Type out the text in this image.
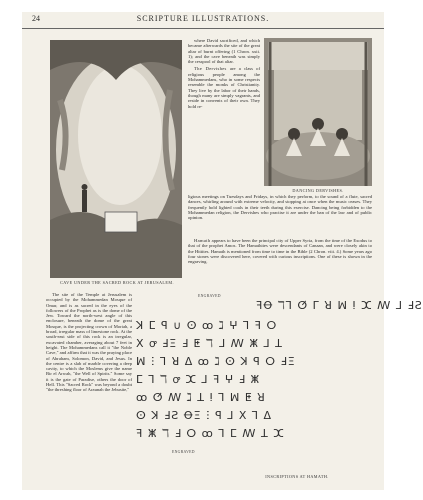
24	SCRIPTURE ILLUSTRATIONS.
CAVE UNDER THE SACRED ROCK AT JERUSALEM.

where David sacrificed, and which became afterwards the site of the great altar of burnt offering (1 Chron. xxii. 1); and the cave beneath was simply the cesspool of that altar.

The Dervishes are a class of religious people among the Mohammedans, who in some respects resemble the monks of Christianity. They live by the labor of their hands, though many are simply vagrants, and reside in convents of their own. They hold re-

DANCING DERVISHES.

ligious meetings on Tuesdays and Fridays, in which they perform, to the sound of a flute, sacred dances, whirling around with extreme velocity, and stopping at once when the music ceases. They frequently hold lighted coals in their teeth during this exercise. Dancing being forbidden to the Mohammedan religion, the Dervishes who practise it are under the ban of the law and of public opinion.

Hamath appears to have been the principal city of Upper Syria, from the time of the Exodus to that of the prophet Amos. The Hamathites were descendants of Canaan, and were closely akin to the Hittites. Hamath is mentioned from time to time in the Bible (2 Chron. viii. 4.) Some years ago four stones were discovered here, covered with curious inscriptions. One of these is shown in the engraving.

The site of the Temple at Jerusalem is occupied by the Mohammedan Mosque of Omar, and is as sacred in the eyes of the followers of the Prophet as is the dome of the Jew. Toward the north-west angle of this enclosure, beneath the dome of the great Mosque, is the projecting crown of Moriah, a broad, irregular mass of limestone rock. At the south-east side of this rock is an irregular, excavated chamber, averaging about 7 feet in height. The Mohammedans call it "the Noble Cave," and affirm that it was the praying place of Abraham, Solomon, David, and Jesus. In the centre is a slab of marble covering a deep cavity, to which the Moslems give the name Bir el Arwah, "the Well of Spirits." Some say it is the gate of Paradise, others the door of Hell. This "Sacred Rock" was beyond a doubt "the threshing floor of Araunah the Jebusite,"

ENGRAVED
ꟻꝊ ℸ⅂ ⵚ ᒥ ꓤ ꟽ ⵑ ⵋ ꟿ ⅃ ℲƧ
ꓘ ⵎ ꟼ ∪ ⵙ ꝏ ℷ ⵖ ꓶ ꟻ ⵔ
ⵝ ꝍ ℲΞ ꓞ ⵟ ℸ ᒧ ꟿ ⵥ ⅃ ꓕ
ꟽ ⵗ ⅂ ꓤ ⵠ ꝏ ℷ ⵙ ꓘ ꟼ ⵔ ℲΞ
ⵎ ꓶ ℸ ꝍ ⵋ ⅃ ꟻ ⵖ ꓞ ⵥ
ꝏ ⵚ ꟿ ℷ ꓕ ⵑ ⅂ ꟽ ⵟ ꓤ
ⵙ ꓘ ℲƧ ꝊΞ ⵗ ꟼ ⅃ ⵝ ꓶ ⵠ
ꟻ ⵥ ℸ ꓞ ⵔ ꝏ ⅂ ⵎ ꟿ ꓕ ⵋ
ENGRAVED
INSCRIPTIONS AT HAMATH.
